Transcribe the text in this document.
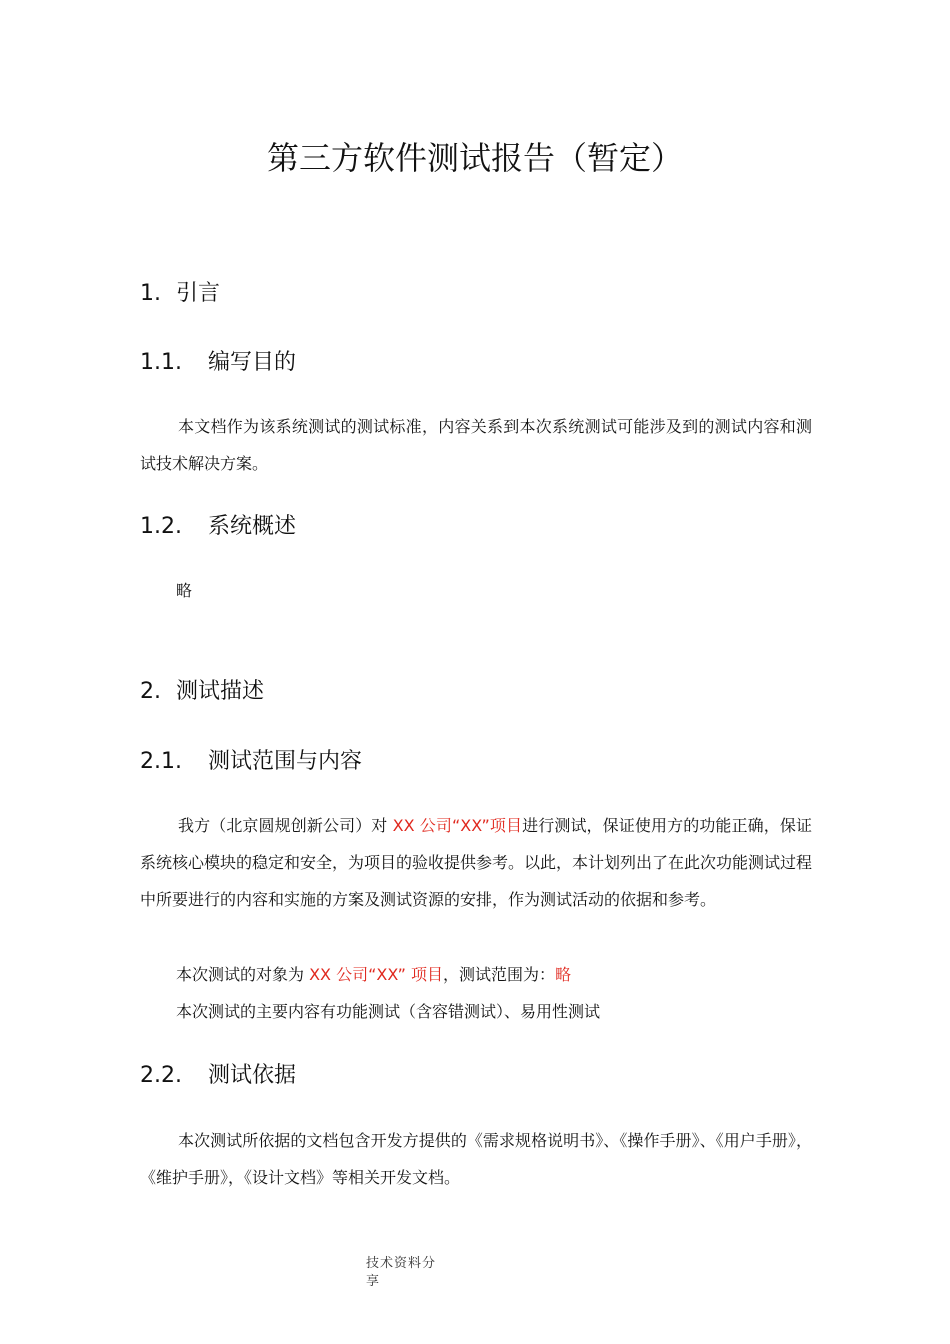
第三方软件测试报告（暂定）
1. 引言
1.1. 编写目的
本文档作为该系统测试的测试标准，内容关系到本次系统测试可能涉及到的测试内容和测试技术解决方案。
1.2. 系统概述
略
2. 测试描述
2.1. 测试范围与内容
我方（北京圆规创新公司）对 XX 公司“XX”项目进行测试，保证使用方的功能正确，保证系统核心模块的稳定和安全，为项目的验收提供参考。以此，本计划列出了在此次功能测试过程中所要进行的内容和实施的方案及测试资源的安排，作为测试活动的依据和参考。
本次测试的对象为 XX 公司“XX” 项目，测试范围为：略
本次测试的主要内容有功能测试（含容错测试）、易用性测试
2.2. 测试依据
本次测试所依据的文档包含开发方提供的《需求规格说明书》、《操作手册》、《用户手册》，《维护手册》，《设计文档》等相关开发文档。
技术资料分享
